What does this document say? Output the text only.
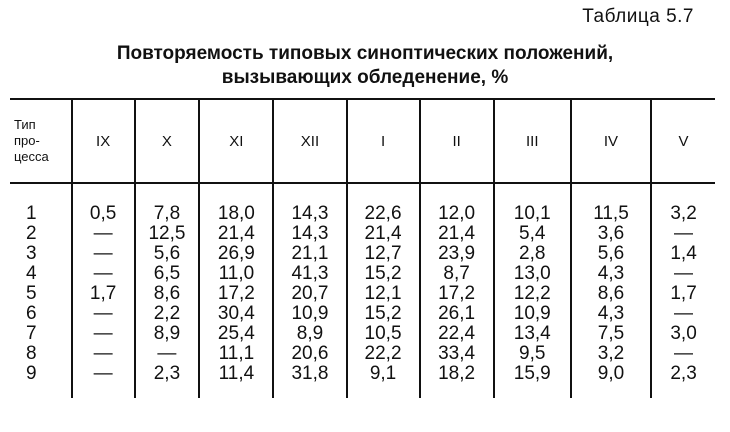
Таблица 5.7
Повторяемость типовых синоптических положений,
вызывающих обледенение, %
Тип
про-
цесса	IX	X	XI	XII	I	II	III	IV	V
1	0,5	7,8	18,0	14,3	22,6	12,0	10,1	11,5	3,2
2	—	12,5	21,4	14,3	21,4	21,4	5,4	3,6	—
3	—	5,6	26,9	21,1	12,7	23,9	2,8	5,6	1,4
4	—	6,5	11,0	41,3	15,2	8,7	13,0	4,3	—
5	1,7	8,6	17,2	20,7	12,1	17,2	12,2	8,6	1,7
6	—	2,2	30,4	10,9	15,2	26,1	10,9	4,3	—
7	—	8,9	25,4	8,9	10,5	22,4	13,4	7,5	3,0
8	—	—	11,1	20,6	22,2	33,4	9,5	3,2	—
9	—	2,3	11,4	31,8	9,1	18,2	15,9	9,0	2,3
